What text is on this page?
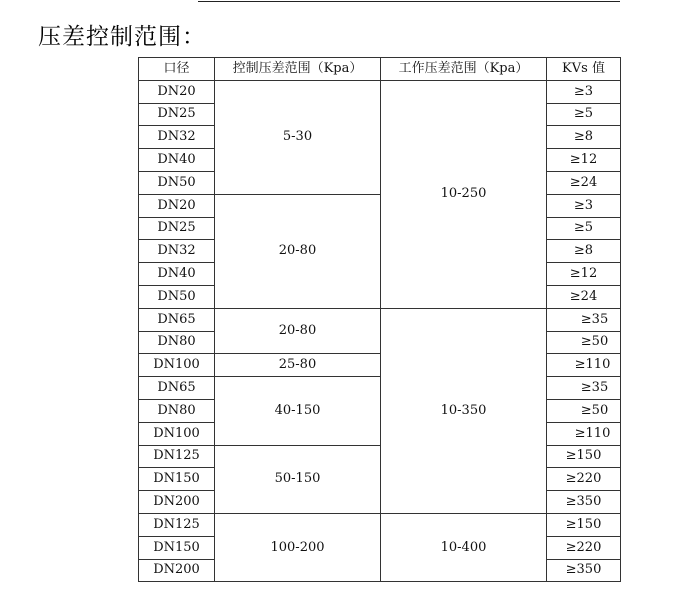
压差控制范围：
口径	控制压差范围（Kpa）	工作压差范围（Kpa）	KVs 值
DN20	5-30	10-250	≥3
DN25			≥5
DN32			≥8
DN40			≥12
DN50			≥24
DN20	20-80		≥3
DN25			≥5
DN32			≥8
DN40			≥12
DN50			≥24
DN65	20-80	10-350	≥35
DN80			≥50
DN100	25-80		≥110
DN65	40-150		≥35
DN80			≥50
DN100			≥110
DN125	50-150		≥150
DN150			≥220
DN200			≥350
DN125	100-200	10-400	≥150
DN150			≥220
DN200			≥350
